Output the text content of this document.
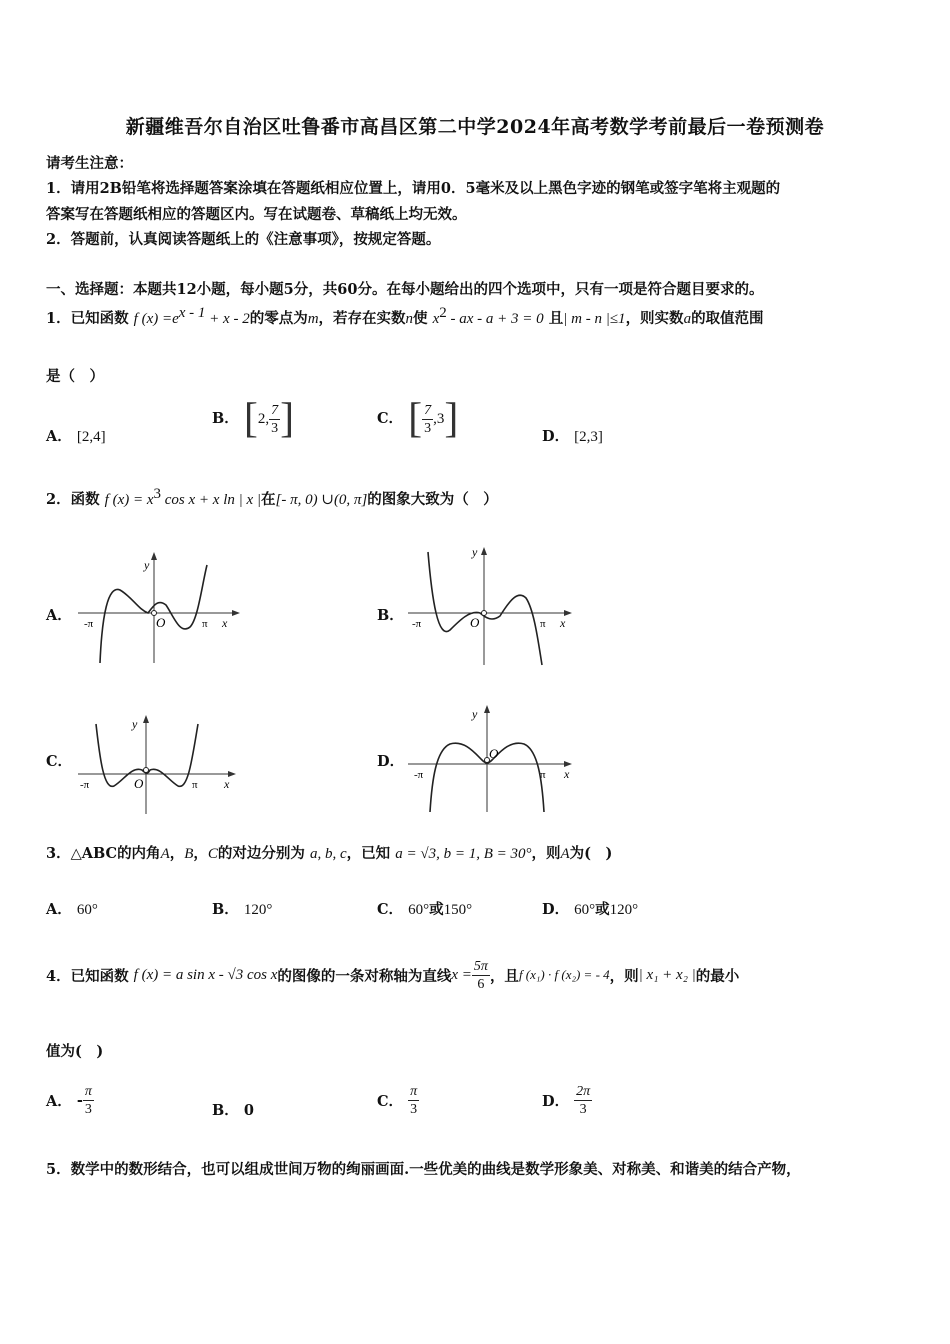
新疆维吾尔自治区吐鲁番市高昌区第二中学2024年高考数学考前最后一卷预测卷
请考生注意：
1．请用2B铅笔将选择题答案涂填在答题纸相应位置上，请用0．5毫米及以上黑色字迹的钢笔或签字笔将主观题的
答案写在答题纸相应的答题区内。写在试题卷、草稿纸上均无效。
2．答题前，认真阅读答题纸上的《注意事项》，按规定答题。
一、选择题：本题共12小题，每小题5分，共60分。在每小题给出的四个选项中，只有一项是符合题目要求的。
1．已知函数 f $(x) =e^{x - 1} + x - 2$的零点为m，若存在实数n使 $x^2$ - ax - a + 3 = 0 且| m - n |≤1，则实数a的取值范围
是（　）
A． [2,4]
B． [2, $\frac{7}{3}$ ]	C． [ $\frac{7}{3} ,3$]	D． [2,3]
2．函数 f $(x) = x^3$ cos x + x ln | x |在[- π, 0) ∪(0, π]的图象大致为（　）
A．
y
x
O
-π	π	B．
y
x
O
-π	π
C．
y
x
O
-π	π
D．
y
x
O
-π	π
3．△ABC的内角A，B，C的对边分别为 a, b, c，已知 a = √3, b = 1, B = 30°，则A为(　)
A． 60°	B． 120°	C． 60°或150°	D． 60°或120°
4．已知函数
f (x) = a sin x - √3 cos x 的图像的一条对称轴为直线 $x = \frac{5\pi}{6}$ ，且 f (x₁) · f (x₂) = - 4 ，则 | x₁ + x₂ | 的最小
值为(　)
A．
- $\frac{\pi}{3}$	B． 0
C．
$\frac{\pi}{3}$	D．
$\frac{2\pi}{3}$
5．数学中的数形结合，也可以组成世间万物的绚丽画面.一些优美的曲线是数学形象美、对称美、和谐美的结合产物，
